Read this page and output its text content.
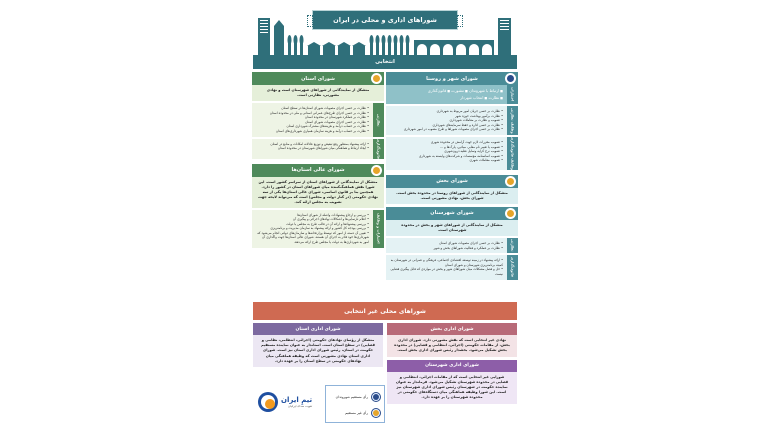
شوراهای اداری و محلی در ایران
انتخابی
شورای شهر و روستا
اختیارات
■ ارتباط با شهروندان ■ مشورت ■ قانون‌گذاری
■ نظارت ■ انتخاب شهردار
وظایف نظارتی
• نظارت بر حسن جریان امور مربوط به شهرداری
• نظارت براُمور بهداشت حوزه شهر
• تصویب و نظارت بر معاملات شهرداری
• نظارت بر حسن اداره و حفظ سرمایه‌های شهرداری
• نظارت بر حسن اجرای مصوبات شوراها و طرح مصوب در امور شهرداری
وظایف قانون‌گذاری
• تصویب مقررات لازم جهت آرامش در محدوده شهری
• تصویب یا تغییر نام معابر، میادین، پارک‌ها و ...
• تصویب نرخ کرایه وسایل نقلیه درون‌شهری
• تصویب اساسنامه مؤسسات و شرکت‌های وابسته به شهرداری
• تصویب معاملات شهری
شورای بخش
متشکل از نمایندگانی از شوراهای روستا در محدوده بخش است. شورای بخش، نهادی مشورتی است.
شورای شهرستان
متشکل از نمایندگانی از شوراهای شهر و بخش در محدوده شهرستان است.
نظارتی
• نظارت بر حسن اجرای مصوبات شورای استان
• نظارت بر عملکرد و فعالیت شوراهای بخش و شهر
قانون‌گذاری
• ارائه پیشنهاد در زمینه توسعه اقتصادی اجتماعی، فرهنگی و عمرانی در شهرستان به کمیته برنامه‌ریزی شهرستان و شورای استان
• حل و فصل مشکلات میان شوراهای شهر و بخش در مواردی که قابل پیگیری قضایی نیست
شورای استان
متشکل از نمایندگانی از شوراهای شهرستان است و نهادی مشورتی، نظارتی است.
نظارتی
• نظارت بر حسن اجرای مصوبات شورای استان‌ها در سطح استان
• نظارت بر حسن اجرای طرح‌های عمرانی استانی و ملی در محدوده استان
• نظارت بر عملکرد شهرستان در محدوده استان
• نظارت بر حسن اجرای مصوبات شورای استان
• نظارت بر حساب درآمد و هزینه‌های مشترک شهرداری استان
• نظارت بر حساب درآمد و هزینه سازمان همیاری شهرداری‌های استان
قانون‌گذاری
• ارائه پیشنهاد بمنظور رفع تبعیض و توزیع عادلانه امکانات و منابع در استان
• ایجاد ارتباط و هماهنگی میان شوراهای شهرستان در محدوده استان
شورای عالی استان‌ها
متشکل از نمایندگانی از شوراهای استان از سراسر کشور است. این شورا نقش هماهنگ‌کننده میان شوراهای استان در کشور را دارد. همچنین بنا بر قانون اساسی، شورای عالی استان‌ها یکی از سه نهادی حکومتی (در کنار دولت و مجلس) است که می‌تواند لایحه جهت تصویب به مجلس ارائه کند.
اختیارات و وظایف
• بررسی و ارجاع پیشنهادات واصله از شورای استان‌ها
• اعلام نارسایی‌ها و اشکالات نهادهای اجرائی و پیگیری آن
• بررسی پیشنهادها و ارائه آن در قالب طرح به مجلس یا دولت
• بررسی بودجه کل کشور و ارائه پیشنهاد به سازمان مدیریت و برنامه‌ریزی
• تعیین آن دسته از امور که توسط وزارتخانه‌ها و سازمان‌های دولتی انجام می‌شود که شهرداری‌ها خود قادر به اجرای آن هستند. شورای عالی استان‌ها جهت واگذاری آن امور به شهرداری‌ها به دولت یا مجلس طرح ارائه می‌دهد.
شوراهای محلی غیر انتخابی
شورای اداری بخش
نهادی غیر انتخابی است که نقش مشورتی دارد. شورای اداری بخش، از مقامات حکومتی (اجرائی، انتظامی و قضایی) در محدوده بخش تشکیل می‌شود. بخشدار رئیس شورای اداری بخش است.
شورای اداری شهرستان
شورایی غیر انتخابی است که از مقامات اجرائی، انتظامی و قضایی در محدوده شهرستان تشکیل می‌شود. فرماندار به عنوان نماینده حکومت در شهرستان رئیس شورای اداری شهرستان نیز است. این شورا وظیفه هماهنگی میان دستگاه‌های حکومتی در محدوده شهرستان را بر عهده دارد.
شورای اداری استان
متشکل از رؤسای نهادهای حکومتی (اجرائی، انتظامی، نظامی و قضایی) در سطح استان است. استاندار به عنوان نماینده مستقیم حکومت در استان، رئیس شورای اداری استان نیز است. شورای اداری استان نهادی مشورتی است که وظیفه هماهنگی میان نهادهای حکومتی در سطح استان را بر عهده دارد.
رأی مستقیم شهروندان
رأی غیر مستقیم
تیمِ ایران
تقویت صدای ایرانیان
